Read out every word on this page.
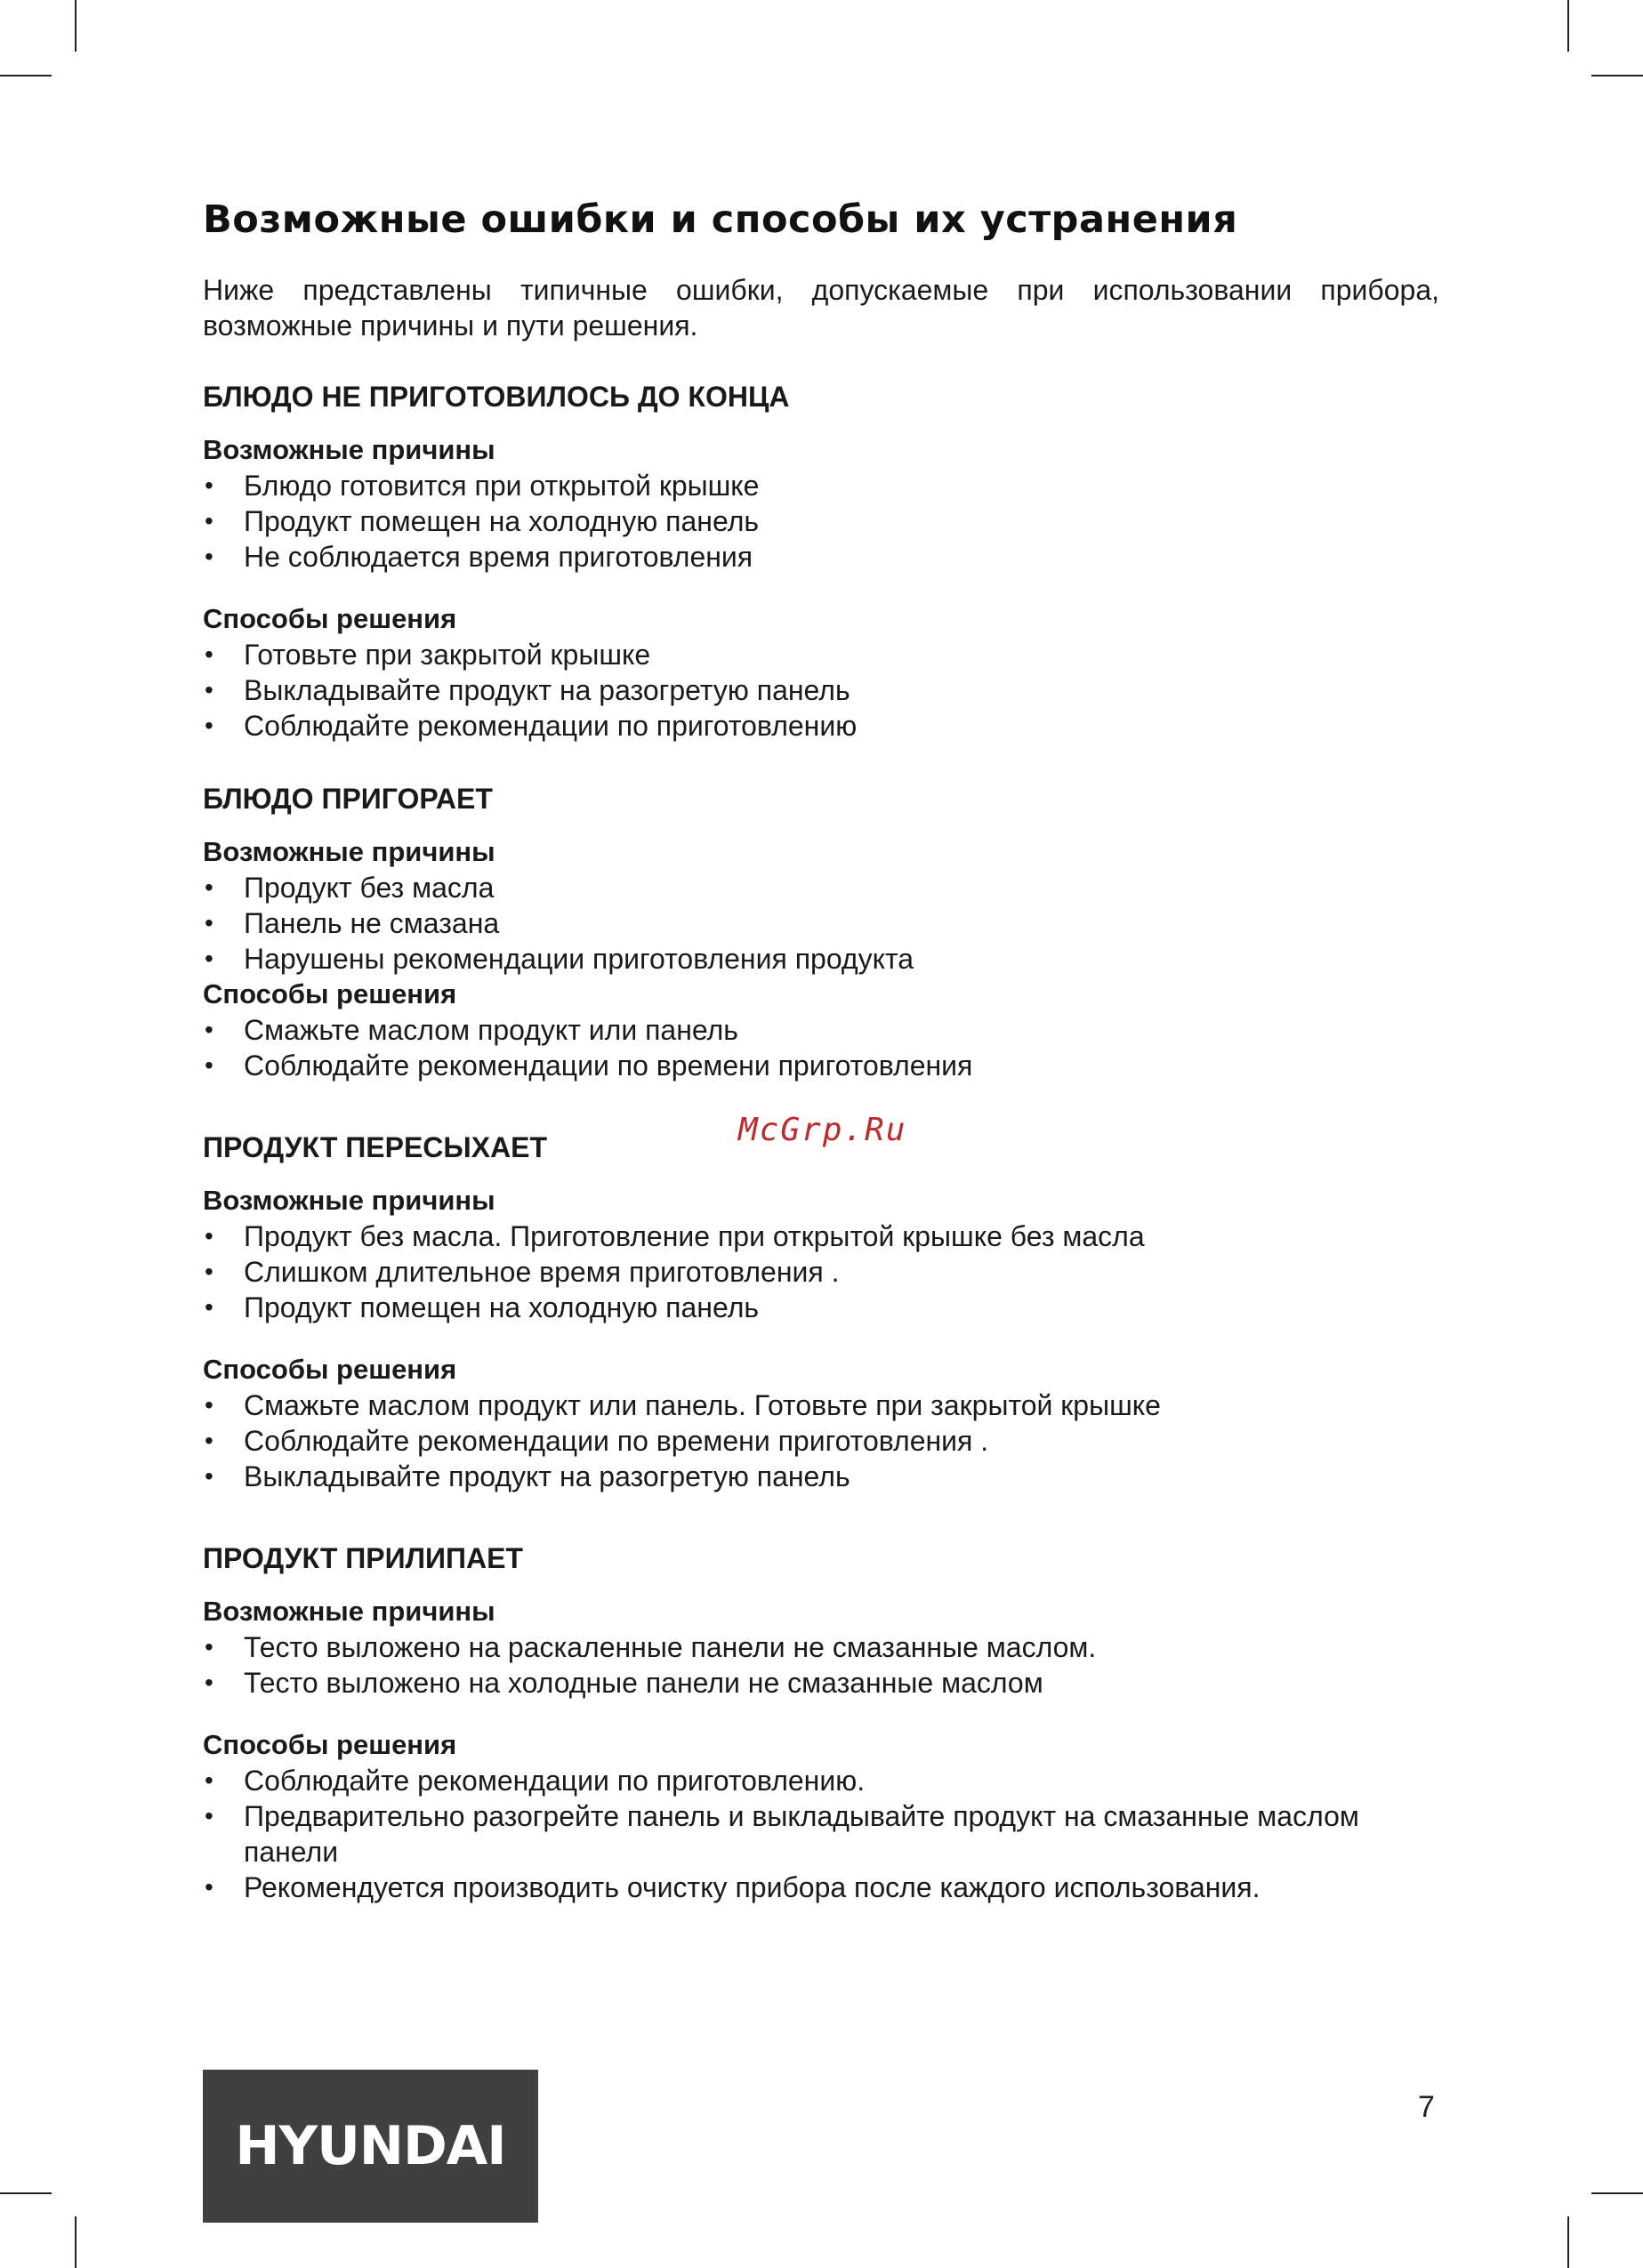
Возможные ошибки и способы их устранения

Ниже представлены типичные ошибки, допускаемые при использовании прибора, возможные причины и пути решения.

БЛЮДО НЕ ПРИГОТОВИЛОСЬ ДО КОНЦА
Возможные причины
• Блюдо готовится при открытой крышке
• Продукт помещен на холодную панель
• Не соблюдается время приготовления
Способы решения
• Готовьте при закрытой крышке
• Выкладывайте продукт на разогретую панель
• Соблюдайте рекомендации по приготовлению
БЛЮДО ПРИГОРАЕТ
Возможные причины
• Продукт без масла
• Панель не смазана
• Нарушены рекомендации приготовления продукта
Способы решения
• Смажьте маслом продукт или панель
• Соблюдайте рекомендации по времени приготовления
ПРОДУКТ ПЕРЕСЫХАЕТ
Возможные причины
• Продукт без масла. Приготовление при открытой крышке без масла
• Слишком длительное время приготовления .
• Продукт помещен на холодную панель
Способы решения
• Смажьте маслом продукт или панель. Готовьте при закрытой крышке
• Соблюдайте рекомендации по времени приготовления .
• Выкладывайте продукт на разогретую панель
ПРОДУКТ ПРИЛИПАЕТ
Возможные причины
• Тесто выложено на раскаленные панели не смазанные маслом.
• Тесто выложено на холодные панели не смазанные маслом
Способы решения
• Соблюдайте рекомендации по приготовлению.
• Предварительно разогрейте панель и выкладывайте продукт на смазанные маслом панели
• Рекомендуется производить очистку прибора после каждого использования.
McGrp.Ru
HYUNDAI
7
